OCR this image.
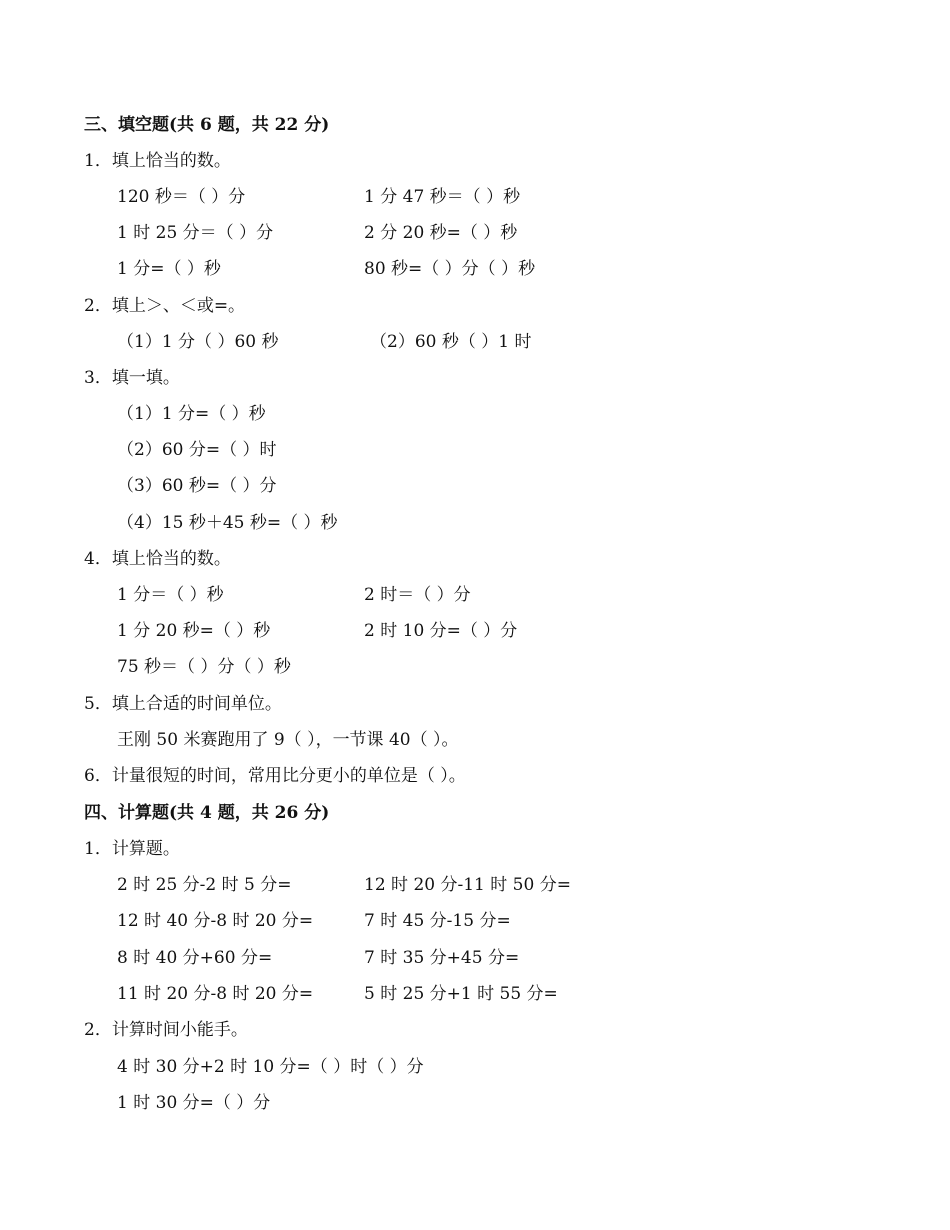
三、填空题(共 6 题，共 22 分)
1．填上恰当的数。
120 秒＝（ ）分	1 分 47 秒＝（ ）秒
1 时 25 分＝（ ）分	2 分 20 秒=（ ）秒
1 分=（ ）秒	80 秒=（ ）分（ ）秒
2．填上＞、＜或=。
（1）1 分（ ）60 秒	（2）60 秒（ ）1 时
3．填一填。
（1）1 分=（ ）秒
（2）60 分=（ ）时
（3）60 秒=（ ）分
（4）15 秒＋45 秒=（ ）秒
4．填上恰当的数。
1 分＝（ ）秒	2 时＝（ ）分
1 分 20 秒=（ ）秒	2 时 10 分=（ ）分
75 秒＝（ ）分（ ）秒
5．填上合适的时间单位。
王刚 50 米赛跑用了 9（ ），一节课 40（ ）。
6．计量很短的时间，常用比分更小的单位是（ ）。
四、计算题(共 4 题，共 26 分)
1．计算题。
2 时 25 分-2 时 5 分=	12 时 20 分-11 时 50 分=
12 时 40 分-8 时 20 分=	7 时 45 分-15 分=
8 时 40 分+60 分=	7 时 35 分+45 分=
11 时 20 分-8 时 20 分=	5 时 25 分+1 时 55 分=
2．计算时间小能手。
4 时 30 分+2 时 10 分=（ ）时（ ）分
1 时 30 分=（ ）分
